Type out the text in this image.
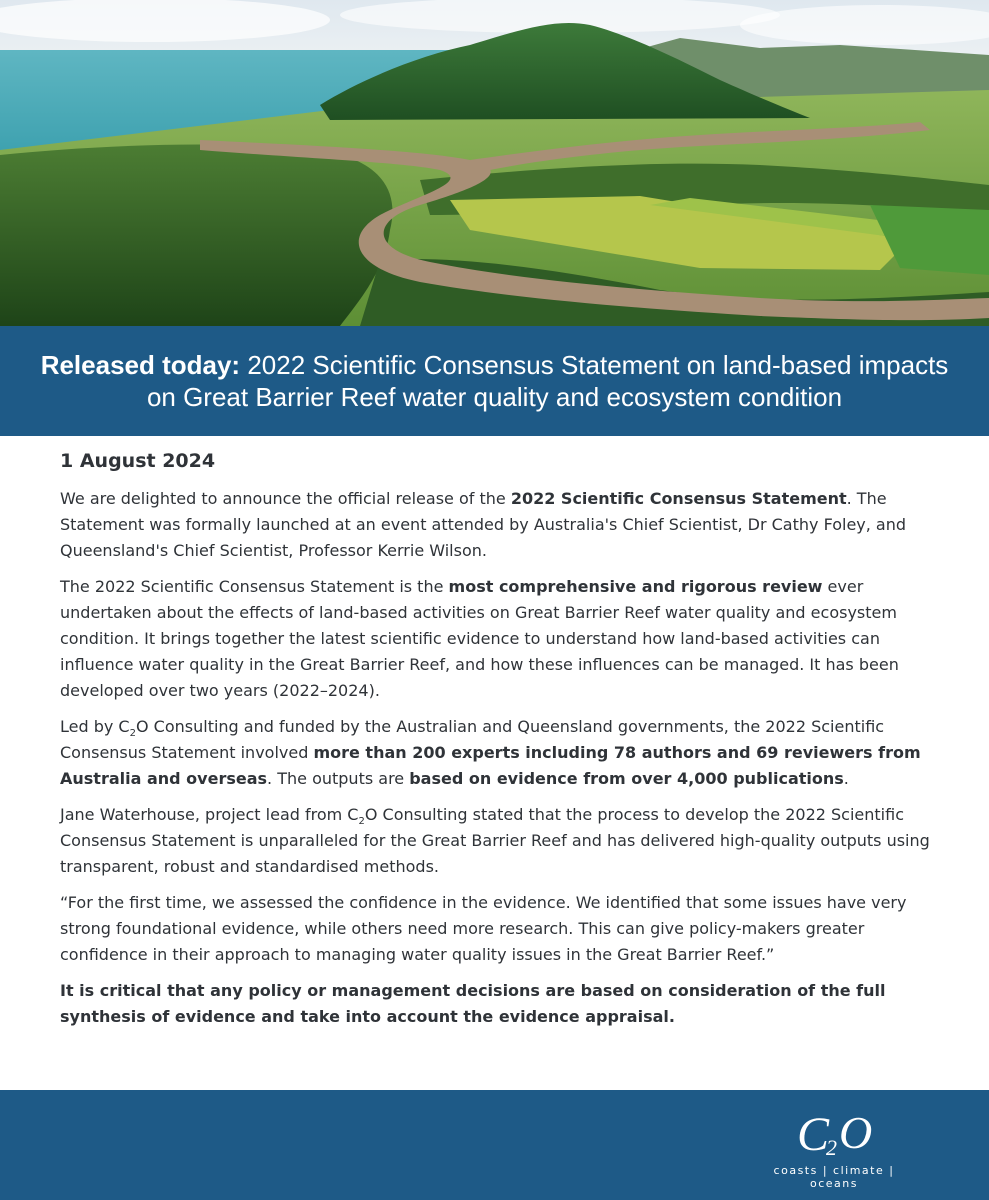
Released today: 2022 Scientific Consensus Statement on land-based impacts on Great Barrier Reef water quality and ecosystem condition
1 August 2024

We are delighted to announce the official release of the 2022 Scientific Consensus Statement. The Statement was formally launched at an event attended by Australia's Chief Scientist, Dr Cathy Foley, and Queensland's Chief Scientist, Professor Kerrie Wilson.

The 2022 Scientific Consensus Statement is the most comprehensive and rigorous review ever undertaken about the effects of land-based activities on Great Barrier Reef water quality and ecosystem condition. It brings together the latest scientific evidence to understand how land-based activities can influence water quality in the Great Barrier Reef, and how these influences can be managed. It has been developed over two years (2022–2024).

Led by $C_2O$ Consulting and funded by the Australian and Queensland governments, the 2022 Scientific Consensus Statement involved more than 200 experts including 78 authors and 69 reviewers from Australia and overseas. The outputs are based on evidence from over 4,000 publications.

Jane Waterhouse, project lead from $C_2O$ Consulting stated that the process to develop the 2022 Scientific Consensus Statement is unparalleled for the Great Barrier Reef and has delivered high-quality outputs using transparent, robust and standardised methods.

“For the first time, we assessed the confidence in the evidence. We identified that some issues have very strong foundational evidence, while others need more research. This can give policy-makers greater confidence in their approach to managing water quality issues in the Great Barrier Reef.”

It is critical that any policy or management decisions are based on consideration of the full synthesis of evidence and take into account the evidence appraisal.

C
2 O
coasts | climate | oceans
